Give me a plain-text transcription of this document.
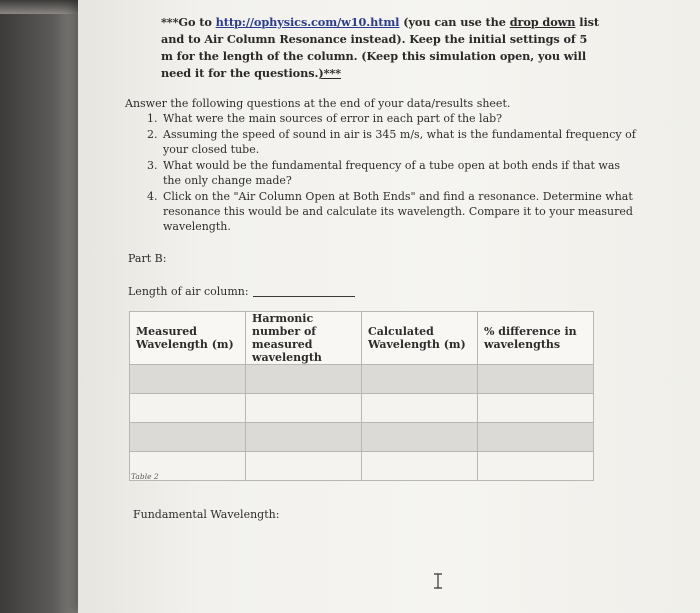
***Go to http://ophysics.com/w10.html (you can use the drop down list and to Air Column Resonance instead). Keep the initial settings of 5 m for the length of the column. (Keep this simulation open, you will need it for the questions.)***
Answer the following questions at the end of your data/results sheet.
1. What were the main sources of error in each part of the lab?
2. Assuming the speed of sound in air is 345 m/s, what is the fundamental frequency of your closed tube.
3. What would be the fundamental frequency of a tube open at both ends if that was the only change made?
4. Click on the "Air Column Open at Both Ends" and find a resonance. Determine what resonance this would be and calculate its wavelength. Compare it to your measured wavelength.
Part B:
Length of air column:
Measured Wavelength (m)	Harmonic number of measured wavelength	Calculated Wavelength (m)	% difference in wavelengths

Table 2
Fundamental Wavelength:
